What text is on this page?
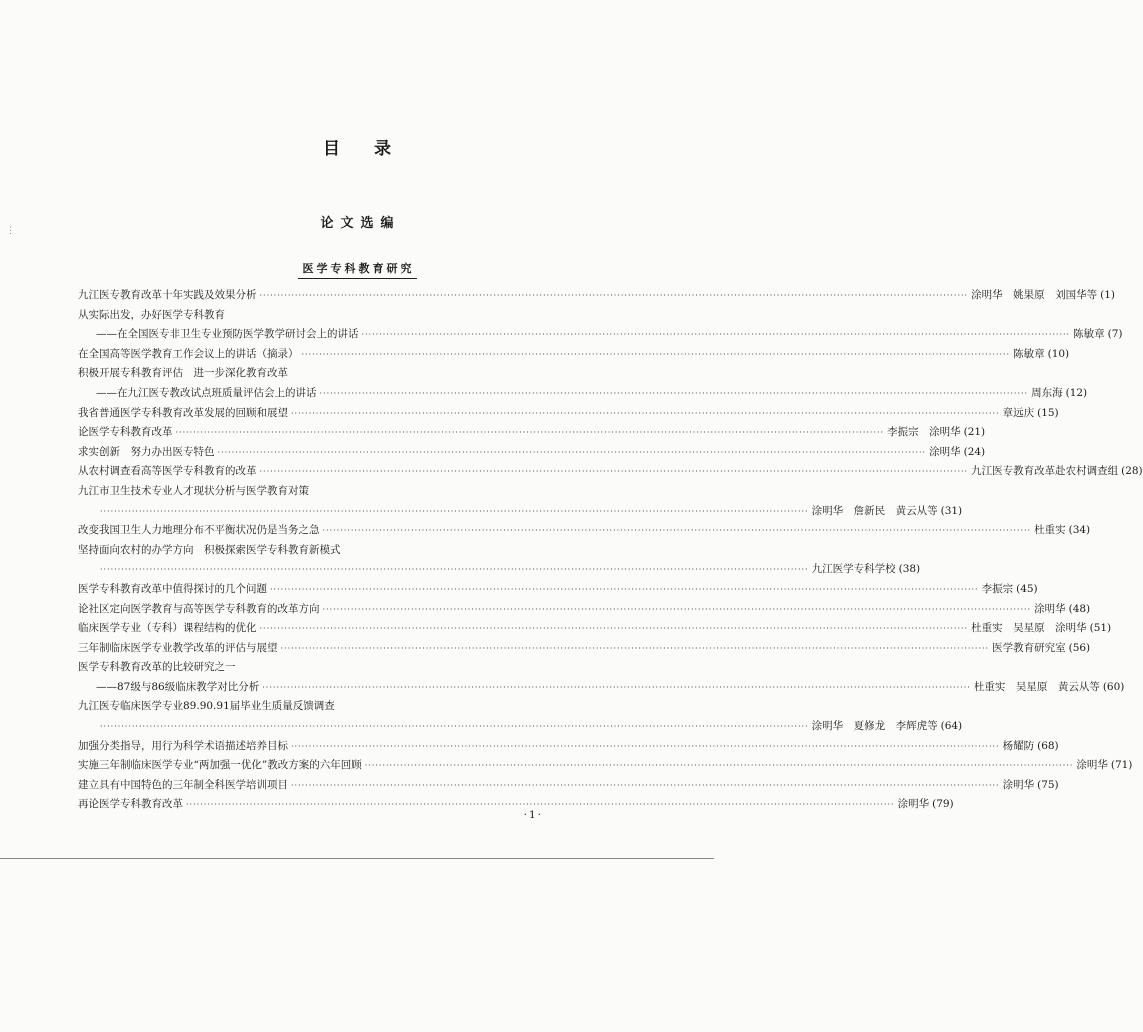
目 录
论文选编
医学专科教育研究
⋮
九江医专教育改革十年实践及效果分析 ········································································································································································································ 涂明华　姚果原　刘国华等 (1)
从实际出发，办好医学专科教育
——在全国医专非卫生专业预防医学教学研讨会上的讲话 ········································································································································································································ 陈敏章 (7)
在全国高等医学教育工作会议上的讲话（摘录） ········································································································································································································ 陈敏章 (10)
积极开展专科教育评估　进一步深化教育改革
——在九江医专教改试点班质量评估会上的讲话 ········································································································································································································ 周东海 (12)
我省普通医学专科教育改革发展的回顾和展望 ········································································································································································································ 章远庆 (15)
论医学专科教育改革 ········································································································································································································ 李振宗　涂明华 (21)
求实创新　努力办出医专特色 ········································································································································································································ 涂明华 (24)
从农村调查看高等医学专科教育的改革 ········································································································································································································ 九江医专教育改革赴农村调查组 (28)
九江市卫生技术专业人才现状分析与医学教育对策
········································································································································································································ 涂明华　詹新民　黄云从等 (31)
改变我国卫生人力地理分布不平衡状况仍是当务之急 ········································································································································································································ 杜重实 (34)
坚持面向农村的办学方向　积极探索医学专科教育新模式
········································································································································································································ 九江医学专科学校 (38)
医学专科教育改革中值得探讨的几个问题 ········································································································································································································ 李振宗 (45)
论社区定向医学教育与高等医学专科教育的改革方向 ········································································································································································································ 涂明华 (48)
临床医学专业（专科）课程结构的优化 ········································································································································································································ 杜重实　吴星原　涂明华 (51)
三年制临床医学专业教学改革的评估与展望 ········································································································································································································ 医学教育研究室 (56)
医学专科教育改革的比较研究之一
——87级与86级临床教学对比分析 ········································································································································································································ 杜重实　吴星原　黄云从等 (60)
九江医专临床医学专业89.90.91届毕业生质量反馈调查
········································································································································································································ 涂明华　夏修龙　李辉虎等 (64)
加强分类指导，用行为科学术语描述培养目标 ········································································································································································································ 杨耀防 (68)
实施三年制临床医学专业“两加强一优化”教改方案的六年回顾 ········································································································································································································ 涂明华 (71)
建立具有中国特色的三年制全科医学培训项目 ········································································································································································································ 涂明华 (75)
再论医学专科教育改革 ········································································································································································································ 涂明华 (79)
·1·
